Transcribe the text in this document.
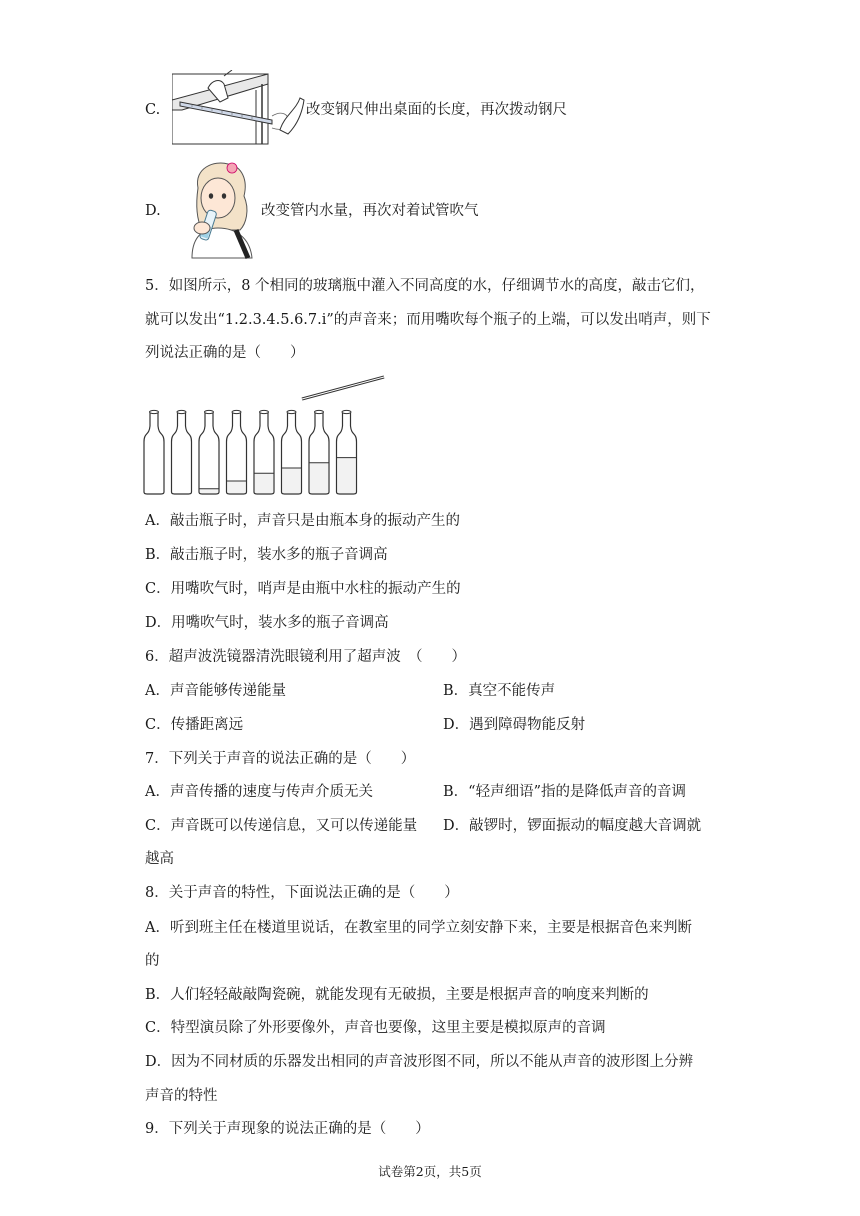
C.	改变钢尺伸出桌面的长度，再次拨动钢尺
D.	改变管内水量，再次对着试管吹气
5．如图所示，8 个相同的玻璃瓶中灌入不同高度的水，仔细调节水的高度，敲击它们，
就可以发出“1.2.3.4.5.6.7.i”的声音来；而用嘴吹每个瓶子的上端，可以发出哨声，则下
列说法正确的是（　　）
A．敲击瓶子时，声音只是由瓶本身的振动产生的
B．敲击瓶子时，装水多的瓶子音调高
C．用嘴吹气时，哨声是由瓶中水柱的振动产生的
D．用嘴吹气时，装水多的瓶子音调高
6．超声波洗镜器清洗眼镜利用了超声波　（　　）
A．声音能够传递能量	B．真空不能传声
C．传播距离远	D．遇到障碍物能反射
7．下列关于声音的说法正确的是（　　）
A．声音传播的速度与传声介质无关	B．“轻声细语”指的是降低声音的音调
C．声音既可以传递信息，又可以传递能量 D．敲锣时，锣面振动的幅度越大音调就
越高
8．关于声音的特性，下面说法正确的是（　　）
A．听到班主任在楼道里说话，在教室里的同学立刻安静下来，主要是根据音色来判断
的
B．人们轻轻敲敲陶瓷碗，就能发现有无破损，主要是根据声音的响度来判断的
C．特型演员除了外形要像外，声音也要像，这里主要是模拟原声的音调
D．因为不同材质的乐器发出相同的声音波形图不同，所以不能从声音的波形图上分辨
声音的特性
9．下列关于声现象的说法正确的是（　　）
试卷第2页，共5页
